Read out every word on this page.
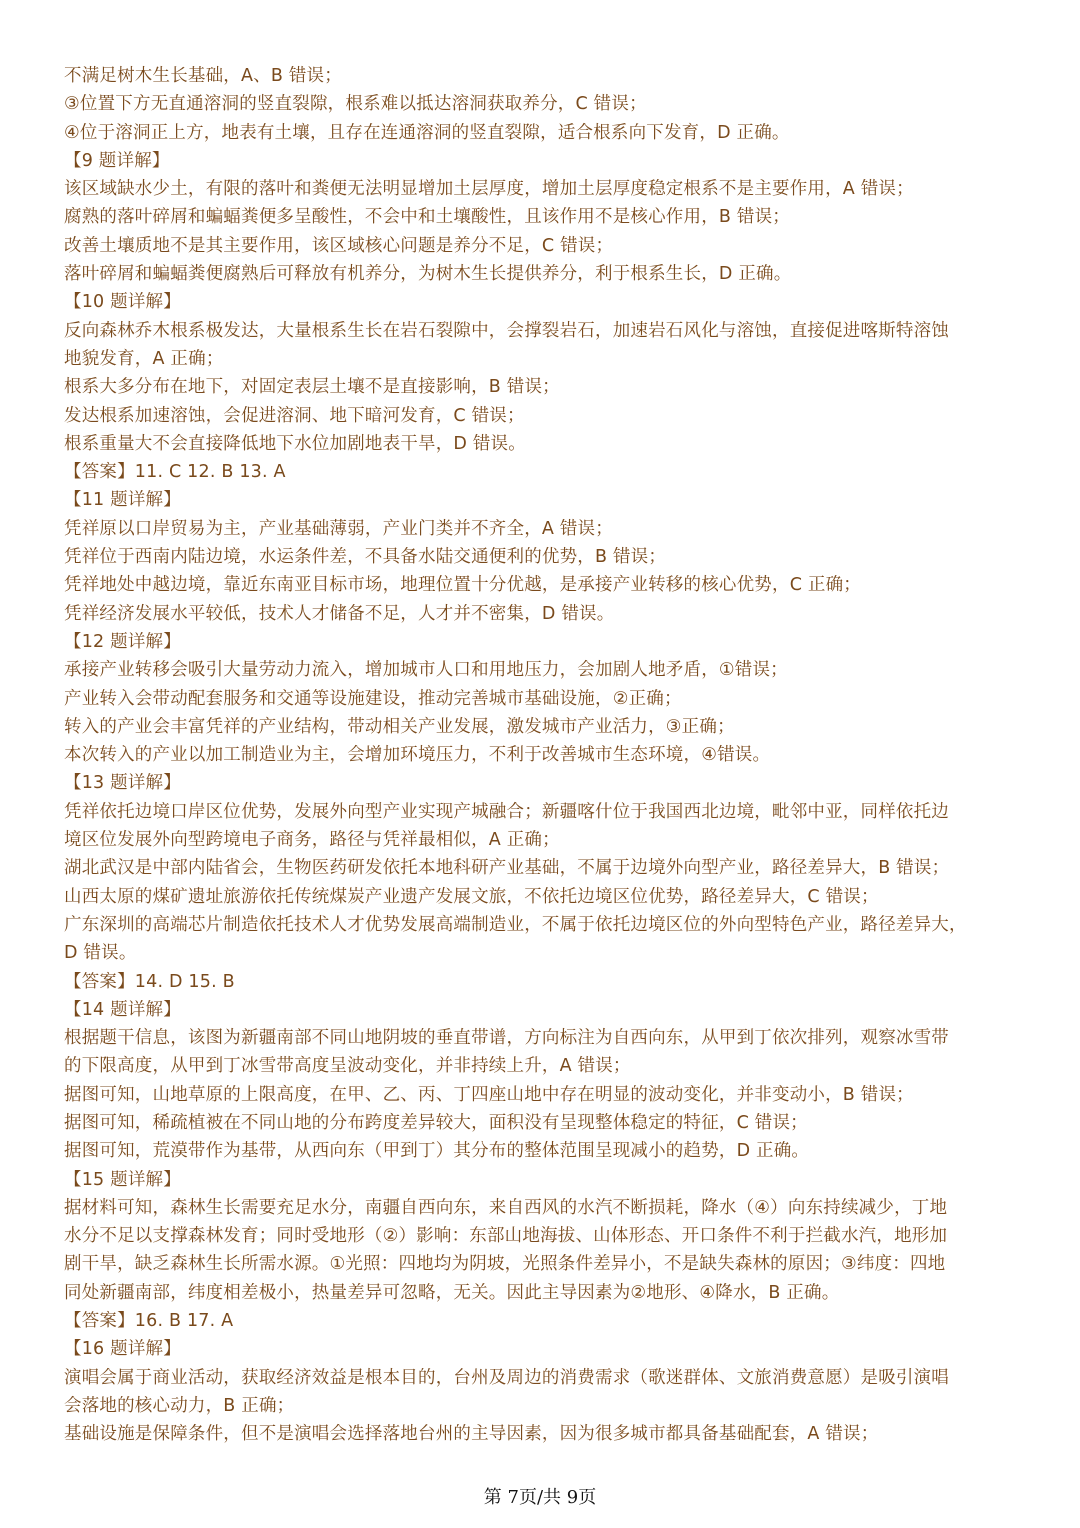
不满足树木生长基础，A、B 错误；
③位置下方无直通溶洞的竖直裂隙，根系难以抵达溶洞获取养分，C 错误；
④位于溶洞正上方，地表有土壤，且存在连通溶洞的竖直裂隙，适合根系向下发育，D 正确。
【9 题详解】
该区域缺水少土，有限的落叶和粪便无法明显增加土层厚度，增加土层厚度稳定根系不是主要作用，A 错误；
腐熟的落叶碎屑和蝙蝠粪便多呈酸性，不会中和土壤酸性，且该作用不是核心作用，B 错误；
改善土壤质地不是其主要作用，该区域核心问题是养分不足，C 错误；
落叶碎屑和蝙蝠粪便腐熟后可释放有机养分，为树木生长提供养分，利于根系生长，D 正确。
【10 题详解】
反向森林乔木根系极发达，大量根系生长在岩石裂隙中，会撑裂岩石，加速岩石风化与溶蚀，直接促进喀斯特溶蚀
地貌发育，A 正确；
根系大多分布在地下，对固定表层土壤不是直接影响，B 错误；
发达根系加速溶蚀，会促进溶洞、地下暗河发育，C 错误；
根系重量大不会直接降低地下水位加剧地表干旱，D 错误。
【答案】11. C 12. B 13. A
【11 题详解】
凭祥原以口岸贸易为主，产业基础薄弱，产业门类并不齐全，A 错误；
凭祥位于西南内陆边境，水运条件差，不具备水陆交通便利的优势，B 错误；
凭祥地处中越边境，靠近东南亚目标市场，地理位置十分优越，是承接产业转移的核心优势，C 正确；
凭祥经济发展水平较低，技术人才储备不足，人才并不密集，D 错误。
【12 题详解】
承接产业转移会吸引大量劳动力流入，增加城市人口和用地压力，会加剧人地矛盾，①错误；
产业转入会带动配套服务和交通等设施建设，推动完善城市基础设施，②正确；
转入的产业会丰富凭祥的产业结构，带动相关产业发展，激发城市产业活力，③正确；
本次转入的产业以加工制造业为主，会增加环境压力，不利于改善城市生态环境，④错误。
【13 题详解】
凭祥依托边境口岸区位优势，发展外向型产业实现产城融合；新疆喀什位于我国西北边境，毗邻中亚，同样依托边
境区位发展外向型跨境电子商务，路径与凭祥最相似，A 正确；
湖北武汉是中部内陆省会，生物医药研发依托本地科研产业基础，不属于边境外向型产业，路径差异大，B 错误；
山西太原的煤矿遗址旅游依托传统煤炭产业遗产发展文旅，不依托边境区位优势，路径差异大，C 错误；
广东深圳的高端芯片制造依托技术人才优势发展高端制造业，不属于依托边境区位的外向型特色产业，路径差异大，
D 错误。
【答案】14. D 15. B
【14 题详解】
根据题干信息，该图为新疆南部不同山地阴坡的垂直带谱，方向标注为自西向东，从甲到丁依次排列，观察冰雪带
的下限高度，从甲到丁冰雪带高度呈波动变化，并非持续上升，A 错误；
据图可知，山地草原的上限高度，在甲、乙、丙、丁四座山地中存在明显的波动变化，并非变动小，B 错误；
据图可知，稀疏植被在不同山地的分布跨度差异较大，面积没有呈现整体稳定的特征，C 错误；
据图可知，荒漠带作为基带，从西向东（甲到丁）其分布的整体范围呈现减小的趋势，D 正确。
【15 题详解】
据材料可知，森林生长需要充足水分，南疆自西向东，来自西风的水汽不断损耗，降水（④）向东持续减少，丁地
水分不足以支撑森林发育；同时受地形（②）影响：东部山地海拔、山体形态、开口条件不利于拦截水汽，地形加
剧干旱，缺乏森林生长所需水源。①光照：四地均为阴坡，光照条件差异小，不是缺失森林的原因；③纬度：四地
同处新疆南部，纬度相差极小，热量差异可忽略，无关。因此主导因素为②地形、④降水，B 正确。
【答案】16. B 17. A
【16 题详解】
演唱会属于商业活动，获取经济效益是根本目的，台州及周边的消费需求（歌迷群体、文旅消费意愿）是吸引演唱
会落地的核心动力，B 正确；
基础设施是保障条件，但不是演唱会选择落地台州的主导因素，因为很多城市都具备基础配套，A 错误；
第 7页/共 9页
